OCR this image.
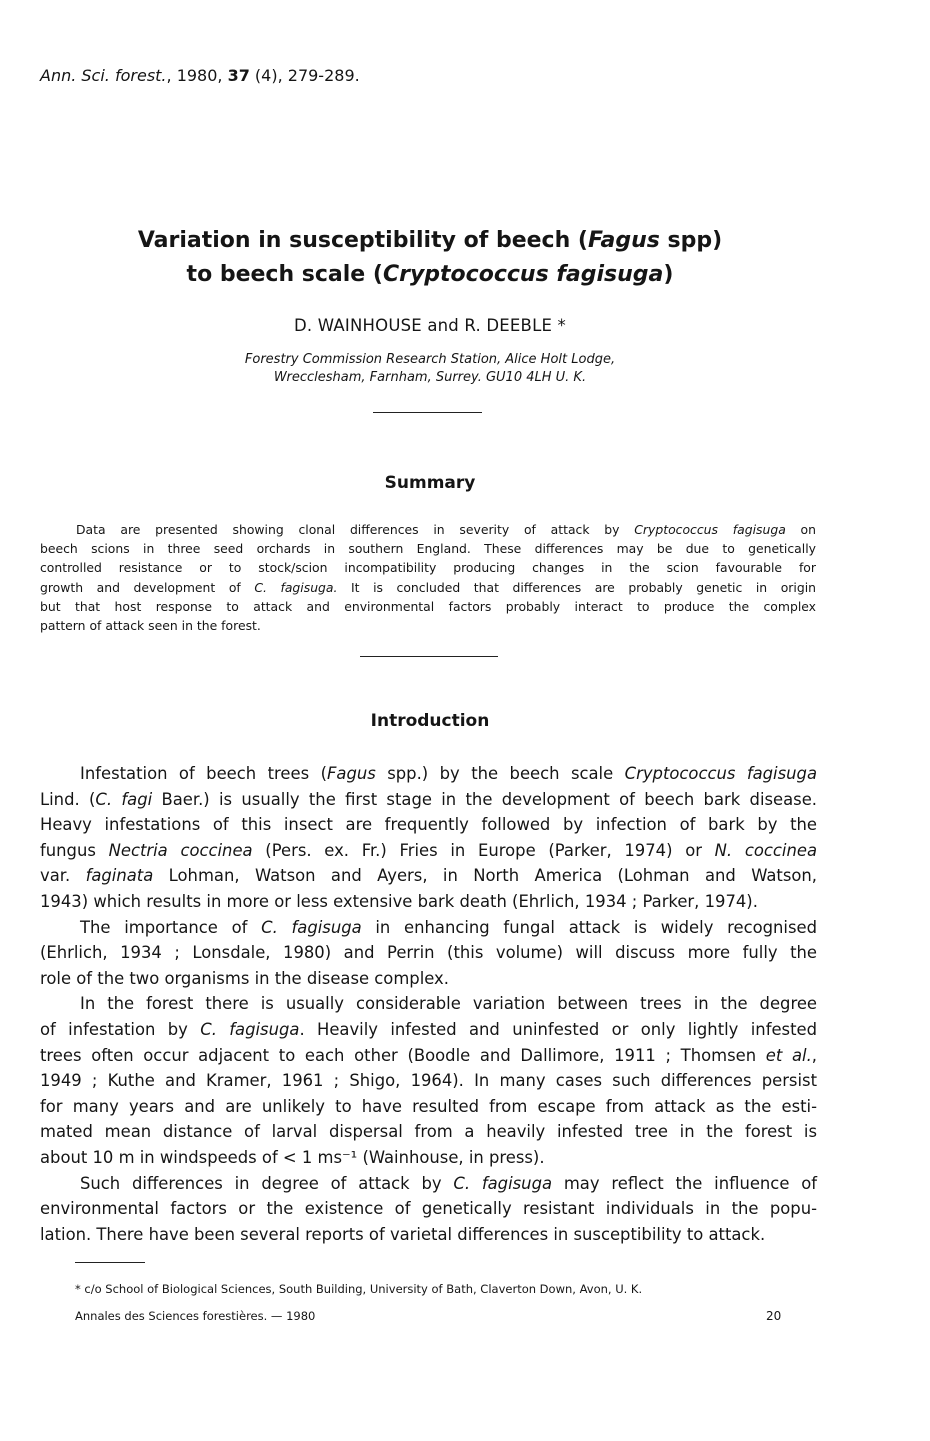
Ann. Sci. forest., 1980, 37 (4), 279-289.
Variation in susceptibility of beech (Fagus spp)
to beech scale (Cryptococcus fagisuga)
D. WAINHOUSE and R. DEEBLE *
Forestry Commission Research Station, Alice Holt Lodge,
Wrecclesham, Farnham, Surrey. GU10 4LH U. K.
Summary
Data are presented showing clonal differences in severity of attack by Cryptococcus fagisuga on
beech scions in three seed orchards in southern England. These differences may be due to genetically
controlled resistance or to stock/scion incompatibility producing changes in the scion favourable for
growth and development of C. fagisuga. It is concluded that differences are probably genetic in origin
but that host response to attack and environmental factors probably interact to produce the complex
pattern of attack seen in the forest.
Introduction
Infestation of beech trees (Fagus spp.) by the beech scale Cryptococcus fagisuga
Lind. (C. fagi Baer.) is usually the first stage in the development of beech bark disease.
Heavy infestations of this insect are frequently followed by infection of bark by the
fungus Nectria coccinea (Pers. ex. Fr.) Fries in Europe (Parker, 1974) or N. coccinea
var. faginata Lohman, Watson and Ayers, in North America (Lohman and Watson,
1943) which results in more or less extensive bark death (Ehrlich, 1934 ; Parker, 1974).
The importance of C. fagisuga in enhancing fungal attack is widely recognised
(Ehrlich, 1934 ; Lonsdale, 1980) and Perrin (this volume) will discuss more fully the
role of the two organisms in the disease complex.
In the forest there is usually considerable variation between trees in the degree
of infestation by C. fagisuga. Heavily infested and uninfested or only lightly infested
trees often occur adjacent to each other (Boodle and Dallimore, 1911 ; Thomsen et al.,
1949 ; Kuthe and Kramer, 1961 ; Shigo, 1964). In many cases such differences persist
for many years and are unlikely to have resulted from escape from attack as the esti-
mated mean distance of larval dispersal from a heavily infested tree in the forest is
about 10 m in windspeeds of < 1 ms⁻¹ (Wainhouse, in press).
Such differences in degree of attack by C. fagisuga may reflect the influence of
environmental factors or the existence of genetically resistant individuals in the popu-
lation. There have been several reports of varietal differences in susceptibility to attack.
* c/o School of Biological Sciences, South Building, University of Bath, Claverton Down, Avon, U. K.
Annales des Sciences forestières. — 1980	20
